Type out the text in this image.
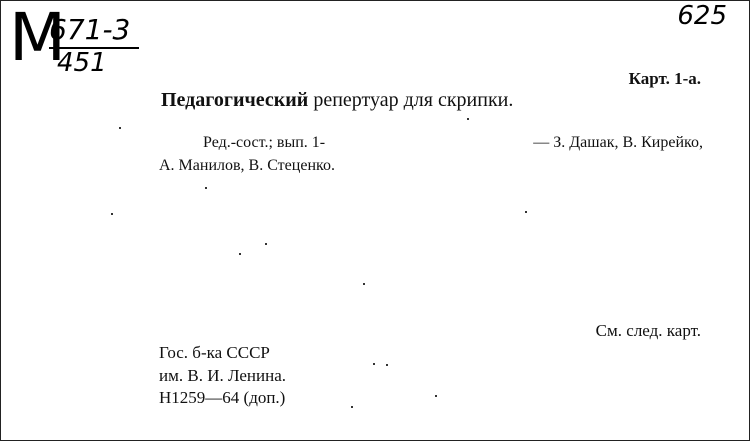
М
671-3
451
625
Карт. 1-а.
Педагогический репертуар для скрипки.
Ред.-сост.; вып. 1-	— З. Дашак, В. Кирейко,
А. Манилов, В. Стеценко.
См. след. карт.
Гос. б-ка СССР
им. В. И. Ленина.
Н1259—64 (доп.)
